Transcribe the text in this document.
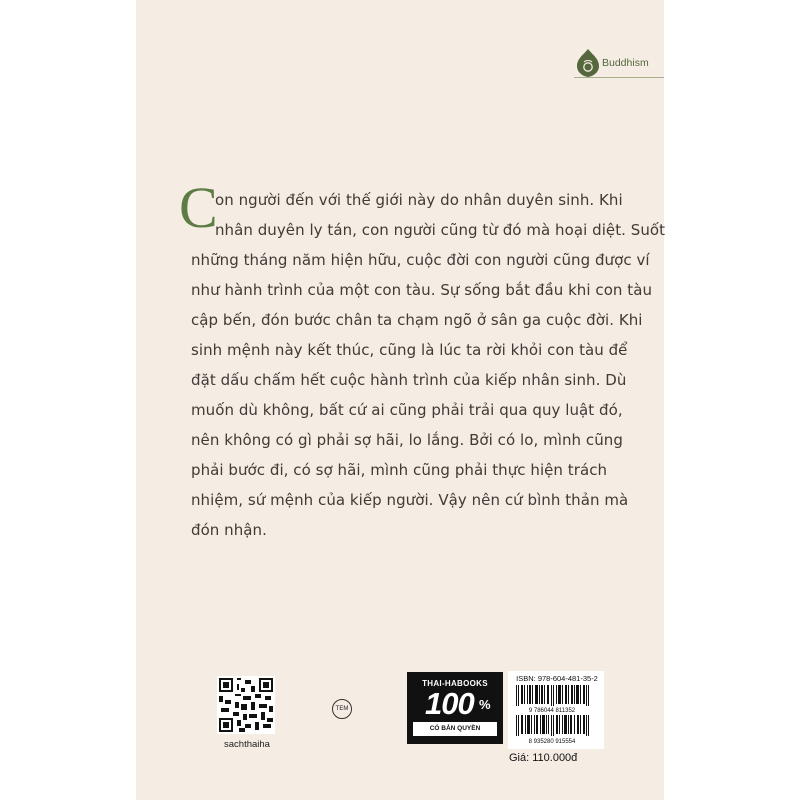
Buddhism
C
on người đến với thế giới này do nhân duyên sinh. Khi
nhân duyên ly tán, con người cũng từ đó mà hoại diệt. Suốt
những tháng năm hiện hữu, cuộc đời con người cũng được ví
như hành trình của một con tàu. Sự sống bắt đầu khi con tàu
cập bến, đón bước chân ta chạm ngõ ở sân ga cuộc đời. Khi
sinh mệnh này kết thúc, cũng là lúc ta rời khỏi con tàu để
đặt dấu chấm hết cuộc hành trình của kiếp nhân sinh. Dù
muốn dù không, bất cứ ai cũng phải trải qua quy luật đó,
nên không có gì phải sợ hãi, lo lắng. Bởi có lo, mình cũng
phải bước đi, có sợ hãi, mình cũng phải thực hiện trách
nhiệm, sứ mệnh của kiếp người. Vậy nên cứ bình thản mà
đón nhận.
sachthaiha
TEM
THAI-HABOOKS
100 %
CÓ BẢN QUYỀN
ISBN: 978-604-481-35-2
9 786044 811352
8 935280 915554
Giá: 110.000đ
